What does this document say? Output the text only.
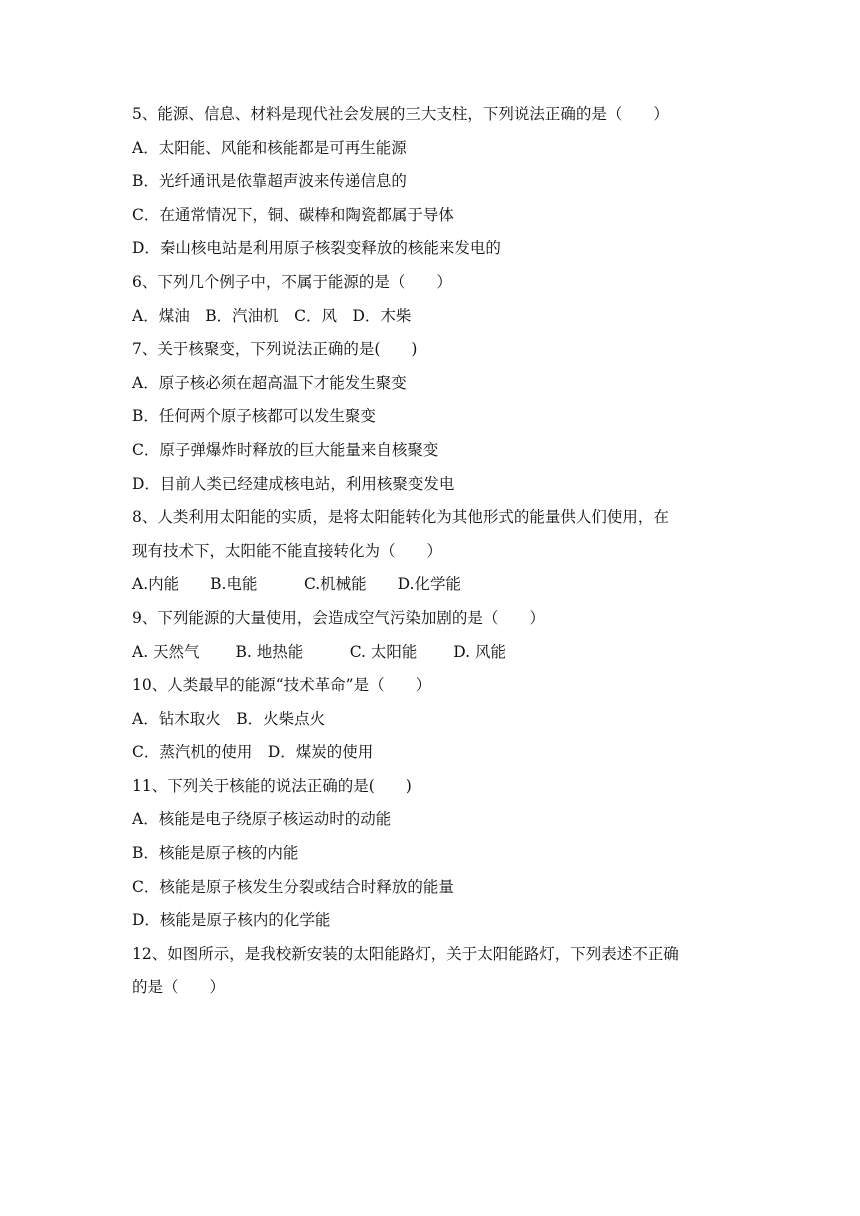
5、能源、信息、材料是现代社会发展的三大支柱，下列说法正确的是（　　）

A．太阳能、风能和核能都是可再生能源

B．光纤通讯是依靠超声波来传递信息的

C．在通常情况下，铜、碳棒和陶瓷都属于导体

D．秦山核电站是利用原子核裂变释放的核能来发电的

6、下列几个例子中，不属于能源的是（　　）

A．煤油　B．汽油机　C．风　D．木柴

7、关于核聚变，下列说法正确的是(　　)

A．原子核必须在超高温下才能发生聚变

B．任何两个原子核都可以发生聚变

C．原子弹爆炸时释放的巨大能量来自核聚变

D．目前人类已经建成核电站，利用核聚变发电

8、人类利用太阳能的实质，是将太阳能转化为其他形式的能量供人们使用，在

现有技术下，太阳能不能直接转化为（　　）

A.内能　　B.电能　　　C.机械能　　D.化学能

9、下列能源的大量使用，会造成空气污染加剧的是（　　）

A. 天然气　　 B. 地热能　　　C. 太阳能　　 D. 风能

10、人类最早的能源“技术革命”是（　　）

A．钻木取火　B．火柴点火

C．蒸汽机的使用　D．煤炭的使用

11、下列关于核能的说法正确的是(　　)

A．核能是电子绕原子核运动时的动能

B．核能是原子核的内能

C．核能是原子核发生分裂或结合时释放的能量

D．核能是原子核内的化学能

12、如图所示，是我校新安装的太阳能路灯，关于太阳能路灯，下列表述不正确

的是（　　）
